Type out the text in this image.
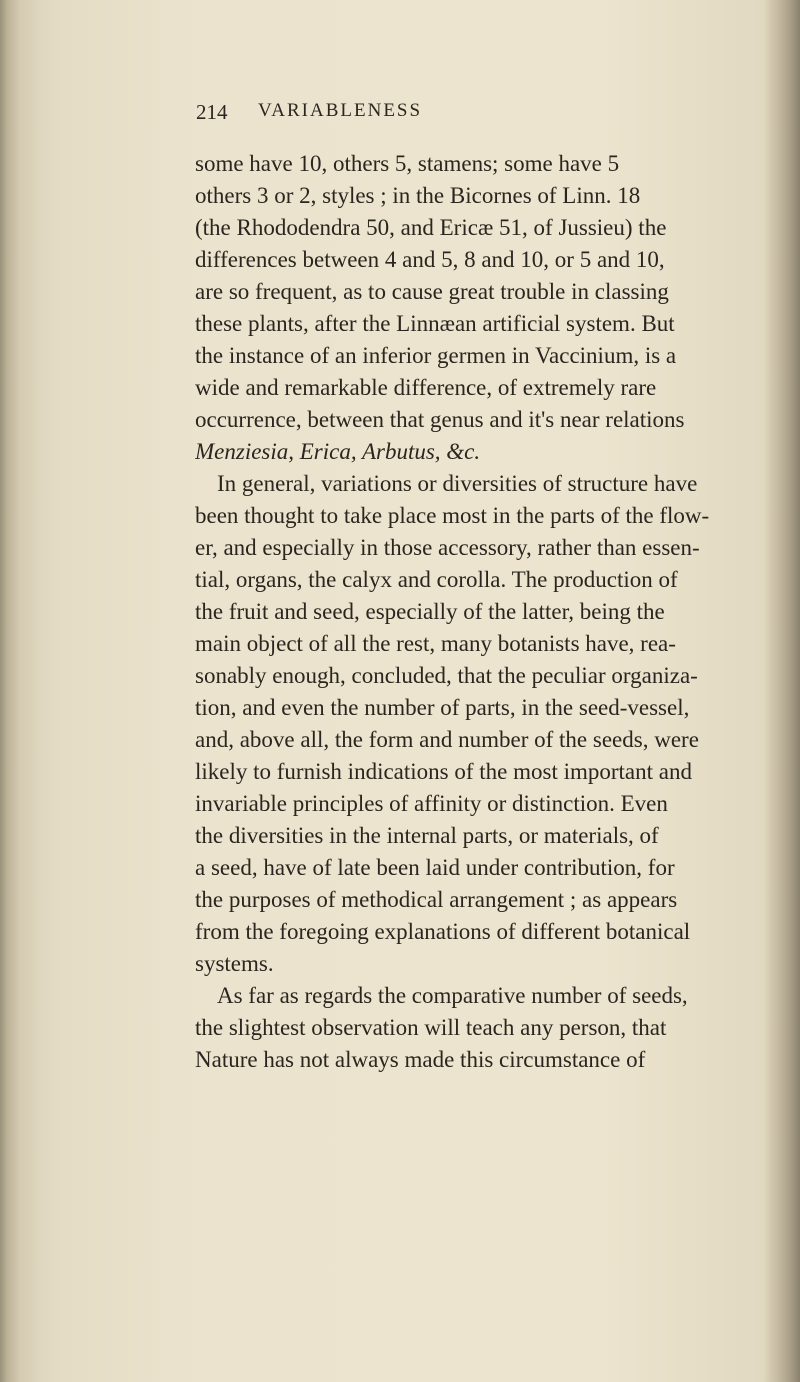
214 VARIABLENESS
some have 10, others 5, stamens; some have 5
others 3 or 2, styles ; in the Bicornes of Linn. 18
(the Rhododendra 50, and Ericæ 51, of Jussieu) the
differences between 4 and 5, 8 and 10, or 5 and 10,
are so frequent, as to cause great trouble in classing
these plants, after the Linnæan artificial system. But
the instance of an inferior germen in Vaccinium, is a
wide and remarkable difference, of extremely rare
occurrence, between that genus and it's near relations
Menziesia, Erica, Arbutus, &c.
In general, variations or diversities of structure have
been thought to take place most in the parts of the flow-
er, and especially in those accessory, rather than essen-
tial, organs, the calyx and corolla. The production of
the fruit and seed, especially of the latter, being the
main object of all the rest, many botanists have, rea-
sonably enough, concluded, that the peculiar organiza-
tion, and even the number of parts, in the seed-vessel,
and, above all, the form and number of the seeds, were
likely to furnish indications of the most important and
invariable principles of affinity or distinction. Even
the diversities in the internal parts, or materials, of
a seed, have of late been laid under contribution, for
the purposes of methodical arrangement ; as appears
from the foregoing explanations of different botanical
systems.
As far as regards the comparative number of seeds,
the slightest observation will teach any person, that
Nature has not always made this circumstance of
